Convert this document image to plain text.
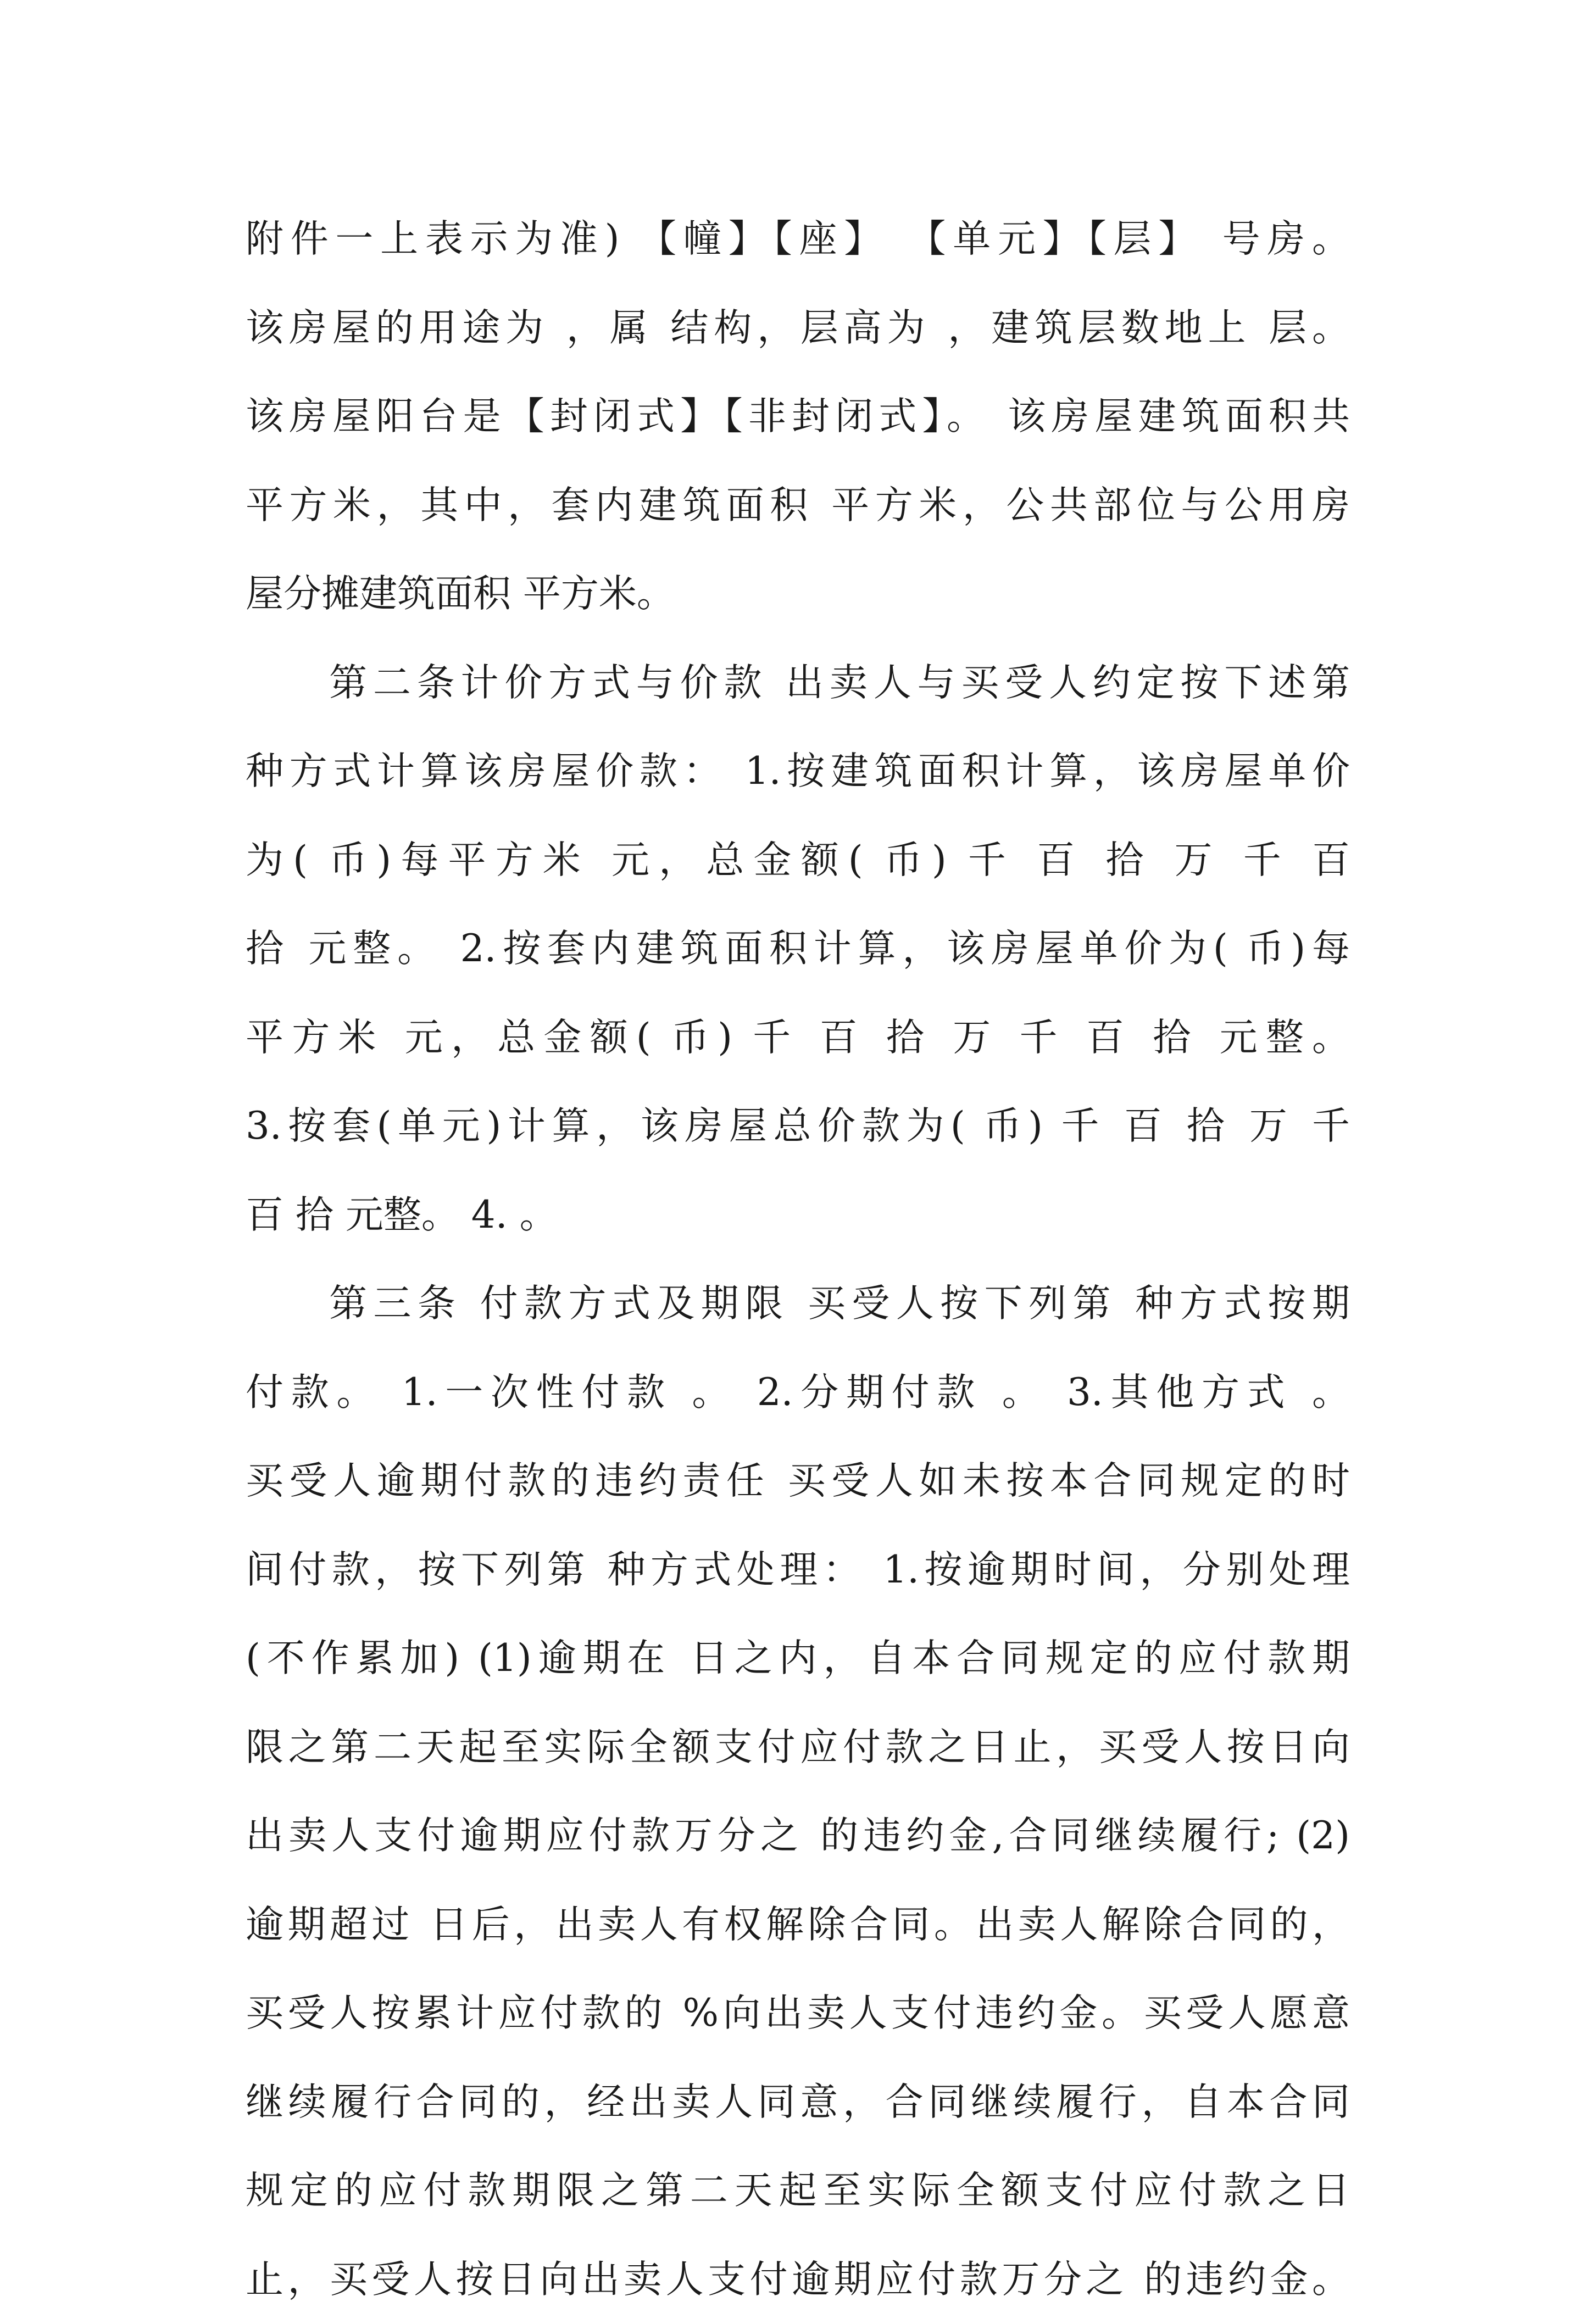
附件一上表示为准) 【幢】【座】 【单元】【层】 号房。
该房屋的用途为 ，属 结构，层高为 ，建筑层数地上 层。
该房屋阳台是【封闭式】【非封闭式】。 该房屋建筑面积共
平方米，其中，套内建筑面积 平方米，公共部位与公用房
屋分摊建筑面积 平方米。
第二条计价方式与价款 出卖人与买受人约定按下述第
种方式计算该房屋价款： 1.按建筑面积计算，该房屋单价
为( 币)每平方米 元，总金额( 币) 千 百 拾 万 千 百
拾 元整。 2.按套内建筑面积计算，该房屋单价为( 币)每
平方米 元，总金额( 币) 千 百 拾 万 千 百 拾 元整。
3.按套(单元)计算，该房屋总价款为( 币) 千 百 拾 万 千
百 拾 元整。 4. 。
第三条 付款方式及期限 买受人按下列第 种方式按期
付款。 1.一次性付款 。 2.分期付款 。 3.其他方式 。
买受人逾期付款的违约责任 买受人如未按本合同规定的时
间付款，按下列第 种方式处理： 1.按逾期时间，分别处理
(不作累加) (1)逾期在 日之内，自本合同规定的应付款期
限之第二天起至实际全额支付应付款之日止，买受人按日向
出卖人支付逾期应付款万分之 的违约金,合同继续履行; (2)
逾期超过 日后，出卖人有权解除合同。出卖人解除合同的，
买受人按累计应付款的 %向出卖人支付违约金。买受人愿意
继续履行合同的，经出卖人同意，合同继续履行，自本合同
规定的应付款期限之第二天起至实际全额支付应付款之日
止，买受人按日向出卖人支付逾期应付款万分之 的违约金。
